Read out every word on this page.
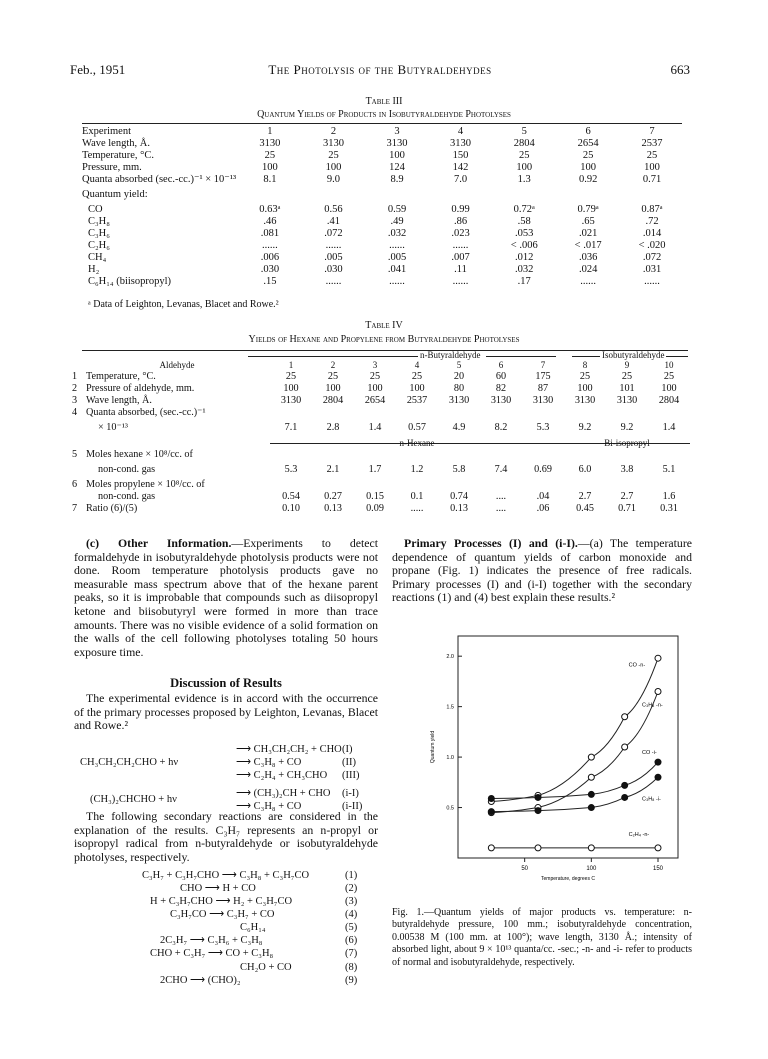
Feb., 1951	The Photolysis of the Butyraldehydes	663
Table III
Quantum Yields of Products in Isobutyraldehyde Photolyses
Experiment	1	2	3	4	5	6	7
Wave length, Å.	3130	3130	3130	3130	2804	2654	2537
Temperature, °C.	25	25	100	150	25	25	25
Pressure, mm.	100	100	124	142	100	100	100
Quanta absorbed (sec.-cc.)⁻¹ × 10⁻¹³	8.1	9.0	8.9	7.0	1.3	0.92	0.71
Quantum yield:							
CO	0.63ᵃ	0.56	0.59	0.99	0.72ᵃ	0.79ᵃ	0.87ᵃ
C₃H₈	.46	.41	.49	.86	.58	.65	.72
C₃H₆	.081	.072	.032	.023	.053	.021	.014
C₂H₆	......	......	......	......	< .006	< .017	< .020
CH₄	.006	.005	.005	.007	.012	.036	.072
H₂	.030	.030	.041	.11	.032	.024	.031
C₆H₁₄ (biisopropyl)	.15	......	......	......	.17	......	......
ᵃ Data of Leighton, Levanas, Blacet and Rowe.²
Table IV
Yields of Hexane and Propylene from Butyraldehyde Photolyses
n-Butyraldehyde	Isobutyraldehyde
	Aldehyde	1	2	3	4	5	6	7	8	9	10
1	Temperature, °C.	25	25	25	25	20	60	175	25	25	25
2	Pressure of aldehyde, mm.	100	100	100	100	80	82	87	100	101	100
3	Wave length, Å.	3130	2804	2654	2537	3130	3130	3130	3130	3130	2804
4	Quanta absorbed, (sec.-cc.)⁻¹										
	× 10⁻¹³	7.1	2.8	1.4	0.57	4.9	8.2	5.3	9.2	9.2	1.4
		n-Hexane							Bi-isopropyl		
5	Moles hexane × 10⁸/cc. of										
	non-cond. gas	5.3	2.1	1.7	1.2	5.8	7.4	0.69	6.0	3.8	5.1
6	Moles propylene × 10⁸/cc. of										
	non-cond. gas	0.54	0.27	0.15	0.1	0.74	....	.04	2.7	2.7	1.6
7	Ratio (6)/(5)	0.10	0.13	0.09	.....	0.13	....	.06	0.45	0.71	0.31

(c) Other Information.—Experiments to detect formaldehyde in isobutyraldehyde photolysis products were not done. Room temperature photolysis products gave no measurable mass spectrum above that of the hexane parent peaks, so it is improbable that compounds such as diisopropyl ketone and biisobutyryl were formed in more than trace amounts. There was no visible evidence of a solid formation on the walls of the cell following photolyses totaling 50 hours exposure time.

Discussion of Results

The experimental evidence is in accord with the occurrence of the primary processes proposed by Leighton, Levanas, Blacet and Rowe.²

CH₃CH₂CH₂CHO + hν
⟶ CH₃CH₂CH₂ + CHO (I)
⟶ C₃H₈ + CO	(II)
⟶ C₂H₄ + CH₃CHO (III)
(CH₃)₂CHCHO + hν
⟶ (CH₃)₂CH + CHO (i-I)
⟶ C₃H₈ + CO	(i-II)

The following secondary reactions are considered in the explanation of the results. C₃H₇ represents an n-propyl or isopropyl radical from n-butyraldehyde or isobutyraldehyde photolyses, respectively.

C₃H₇ + C₃H₇CHO ⟶ C₃H₈ + C₃H₇CO	(1)
CHO ⟶ H + CO	(2)
H + C₃H₇CHO ⟶ H₂ + C₃H₇CO	(3)
C₃H₇CO ⟶ C₃H₇ + CO	(4)
C₆H₁₄	(5)
2C₃H₇ ⟶ C₃H₆ + C₃H₈	(6)
CHO + C₃H₇ ⟶ CO + C₃H₈	(7)
CH₂O + CO	(8)
2CHO ⟶ (CHO)₂	(9)

Primary Processes (I) and (i-I).—(a) The temperature dependence of quantum yields of carbon monoxide and propane (Fig. 1) indicates the presence of free radicals. Primary processes (I) and (i-I) together with the secondary reactions (1) and (4) best explain these results.²

50	100	150
0.5
1.0
1.5
2.0
Temperature, degrees C
Quantum yield
CO -n-
C₃H₈ -n-
CO -i-
C₃H₈ -i-
C₂H₄ -n-
Fig. 1.—Quantum yields of major products vs. temperature: n-butyraldehyde pressure, 100 mm.; isobutyraldehyde concentration, 0.00538 M (100 mm. at 100°); wave length, 3130 Å.; intensity of absorbed light, about 9 × 10¹³ quanta/cc. -sec.; -n- and -i- refer to products of normal and isobutyraldehyde, respectively.
